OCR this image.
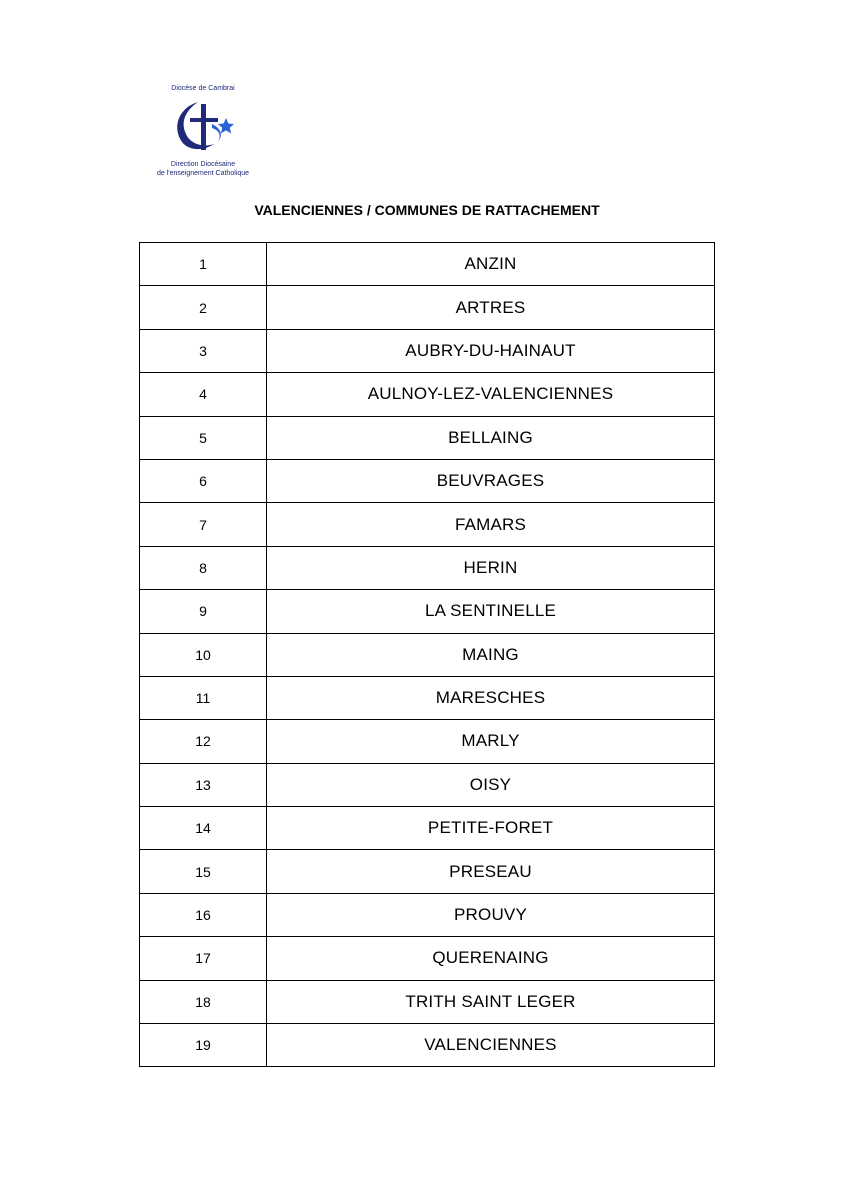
Diocèse de Cambrai
Direction Diocésaine
de l'enseignement Catholique
VALENCIENNES / COMMUNES DE RATTACHEMENT
1	ANZIN
2	ARTRES
3	AUBRY-DU-HAINAUT
4	AULNOY-LEZ-VALENCIENNES
5	BELLAING
6	BEUVRAGES
7	FAMARS
8	HERIN
9	LA SENTINELLE
10	MAING
11	MARESCHES
12	MARLY
13	OISY
14	PETITE-FORET
15	PRESEAU
16	PROUVY
17	QUERENAING
18	TRITH SAINT LEGER
19	VALENCIENNES
